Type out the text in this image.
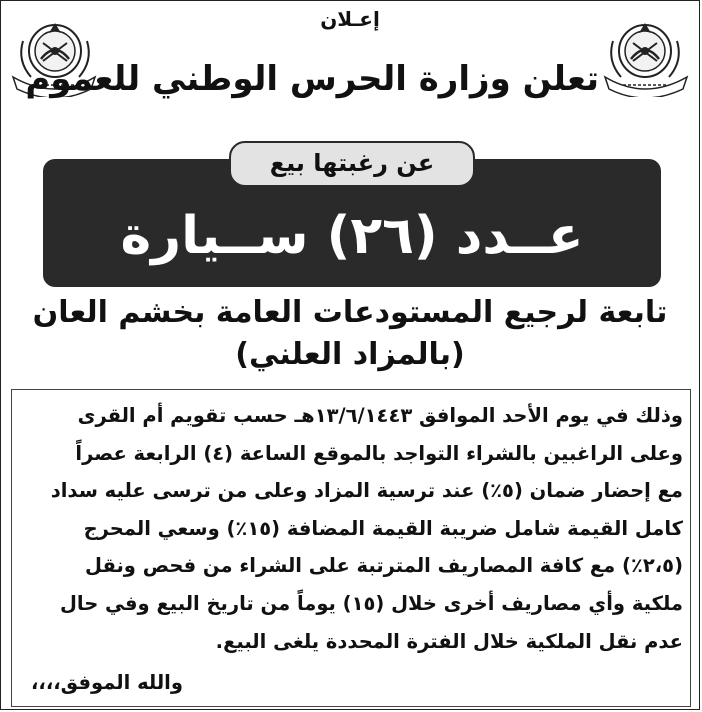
إعـلان
تعلن وزارة الحرس الوطني للعموم
عن رغبتها بيع
عــدد (٢٦) ســيارة
تابعة لرجيع المستودعات العامة بخشم العان
(بالمزاد العلني)
وذلك في يوم الأحد الموافق ١٣/٦/١٤٤٣هـ حسب تقويم أم القرى
وعلى الراغبين بالشراء التواجد بالموقع الساعة (٤) الرابعة عصراً
مع إحضار ضمان (٥٪) عند ترسية المزاد وعلى من ترسى عليه سداد
كامل القيمة شامل ضريبة القيمة المضافة (١٥٪) وسعي المحرج
(٢،٥٪) مع كافة المصاريف المترتبة على الشراء من فحص ونقل
ملكية وأي مصاريف أخرى خلال (١٥) يوماً من تاريخ البيع وفي حال
عدم نقل الملكية خلال الفترة المحددة يلغى البيع.
والله الموفق،،،،
